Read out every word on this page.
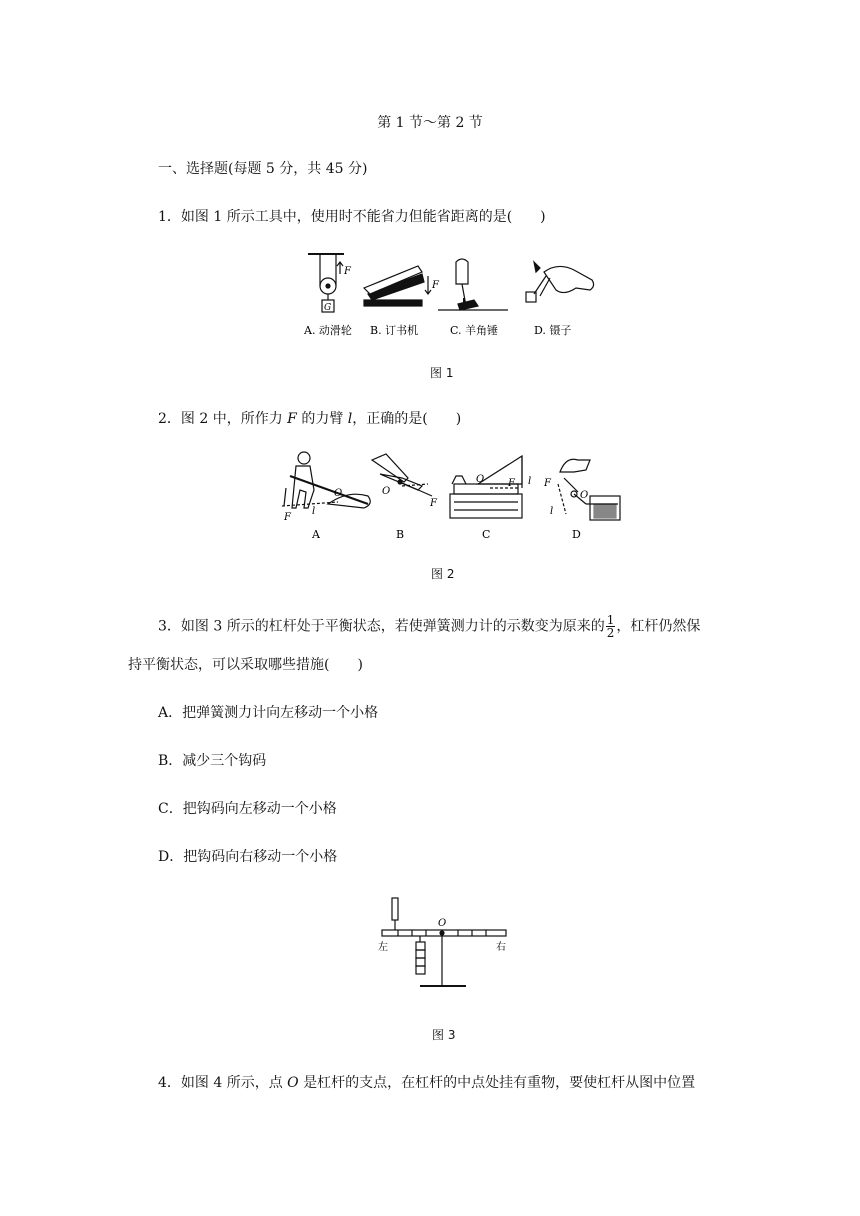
第 1 节～第 2 节
一、选择题(每题 5 分，共 45 分)
1．如图 1 所示工具中，使用时不能省力但能省距离的是(　　)
F
G
F
A. 动滑轮 B. 订书机	C. 羊角锤	D. 镊子
图 1
2．图 2 中，所作力 F 的力臂 l，正确的是(　　)
O
F
l
O
F
O F l F
O
l
A	B	C	D
图 2
3．如图 3 所示的杠杆处于平衡状态，若使弹簧测力计的示数变为原来的 $\frac{1}{2}$ ，杠杆仍然保
持平衡状态，可以采取哪些措施(　　)
A．把弹簧测力计向左移动一个小格
B．减少三个钩码
C．把钩码向左移动一个小格
D．把钩码向右移动一个小格
O
左	右
图 3
4．如图 4 所示，点 O 是杠杆的支点，在杠杆的中点处挂有重物，要使杠杆从图中位置
